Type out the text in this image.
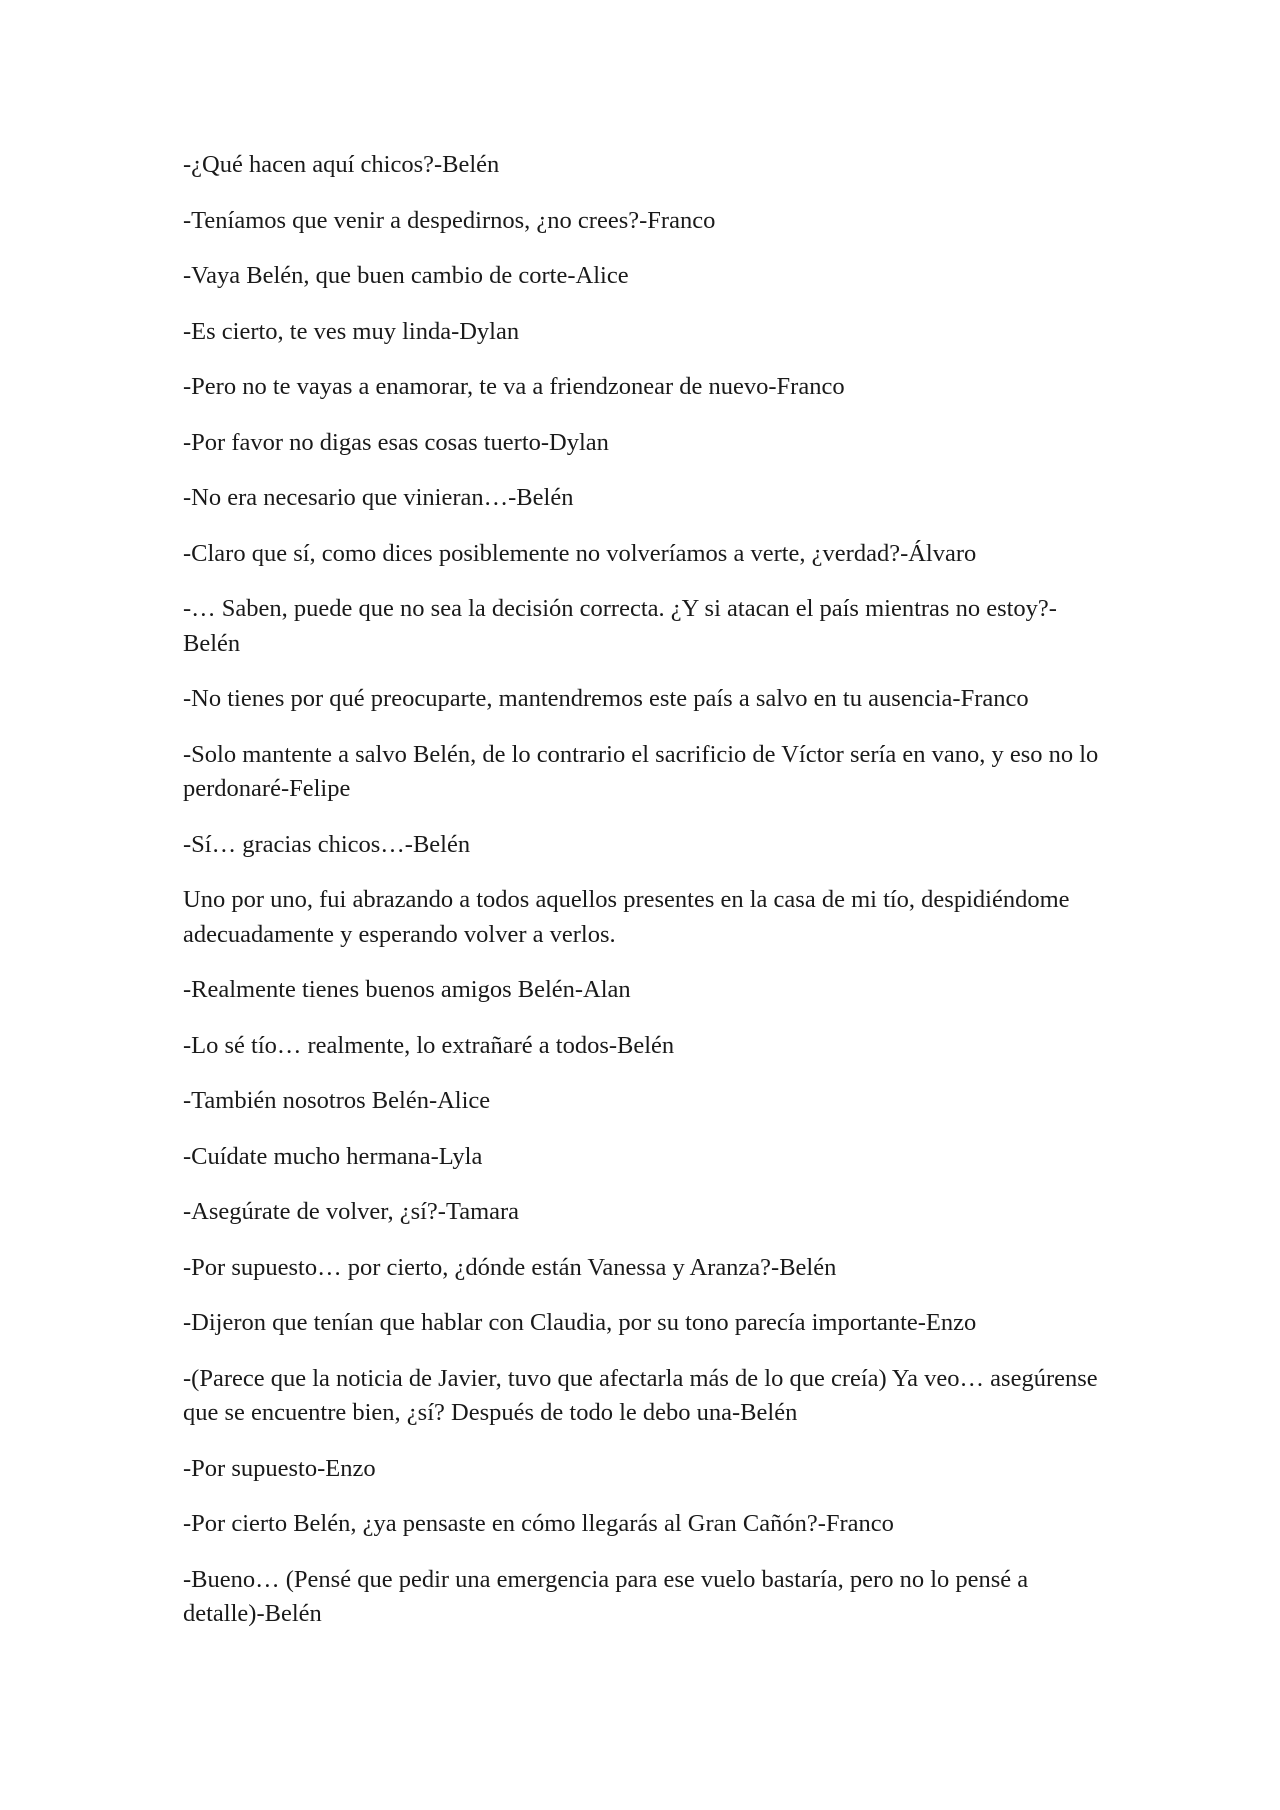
-¿Qué hacen aquí chicos?-Belén

-Teníamos que venir a despedirnos, ¿no crees?-Franco

-Vaya Belén, que buen cambio de corte-Alice

-Es cierto, te ves muy linda-Dylan

-Pero no te vayas a enamorar, te va a friendzonear de nuevo-Franco

-Por favor no digas esas cosas tuerto-Dylan

-No era necesario que vinieran…-Belén

-Claro que sí, como dices posiblemente no volveríamos a verte, ¿verdad?-Álvaro

-… Saben, puede que no sea la decisión correcta. ¿Y si atacan el país mientras no estoy?-Belén

-No tienes por qué preocuparte, mantendremos este país a salvo en tu ausencia-Franco

-Solo mantente a salvo Belén, de lo contrario el sacrificio de Víctor sería en vano, y eso no lo perdonaré-Felipe

-Sí… gracias chicos…-Belén

Uno por uno, fui abrazando a todos aquellos presentes en la casa de mi tío, despidiéndome adecuadamente y esperando volver a verlos.

-Realmente tienes buenos amigos Belén-Alan

-Lo sé tío… realmente, lo extrañaré a todos-Belén

-También nosotros Belén-Alice

-Cuídate mucho hermana-Lyla

-Asegúrate de volver, ¿sí?-Tamara

-Por supuesto… por cierto, ¿dónde están Vanessa y Aranza?-Belén

-Dijeron que tenían que hablar con Claudia, por su tono parecía importante-Enzo

-(Parece que la noticia de Javier, tuvo que afectarla más de lo que creía) Ya veo… asegúrense que se encuentre bien, ¿sí? Después de todo le debo una-Belén

-Por supuesto-Enzo

-Por cierto Belén, ¿ya pensaste en cómo llegarás al Gran Cañón?-Franco

-Bueno… (Pensé que pedir una emergencia para ese vuelo bastaría, pero no lo pensé a detalle)-Belén
